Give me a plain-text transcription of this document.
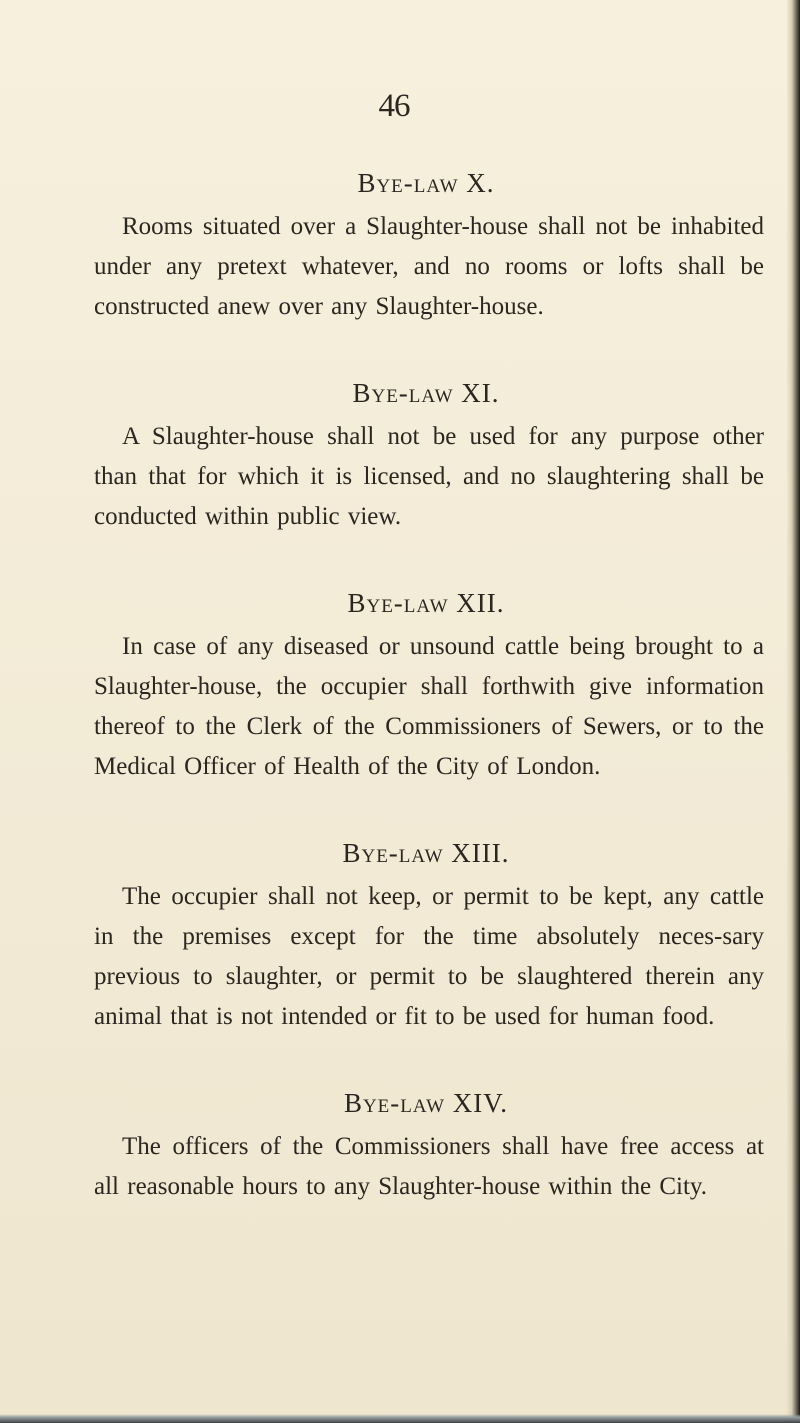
46

Bye-law X.

Rooms situated over a Slaughter-house shall not be inhabited under any pretext whatever, and no rooms or lofts shall be constructed anew over any Slaughter-house.

Bye-law XI.

A Slaughter-house shall not be used for any purpose other than that for which it is licensed, and no slaughtering shall be conducted within public view.

Bye-law XII.

In case of any diseased or unsound cattle being brought to a Slaughter-house, the occupier shall forthwith give information thereof to the Clerk of the Commissioners of Sewers, or to the Medical Officer of Health of the City of London.

Bye-law XIII.

The occupier shall not keep, or permit to be kept, any cattle in the premises except for the time absolutely neces-sary previous to slaughter, or permit to be slaughtered therein any animal that is not intended or fit to be used for human food.

Bye-law XIV.

The officers of the Commissioners shall have free access at all reasonable hours to any Slaughter-house within the City.
